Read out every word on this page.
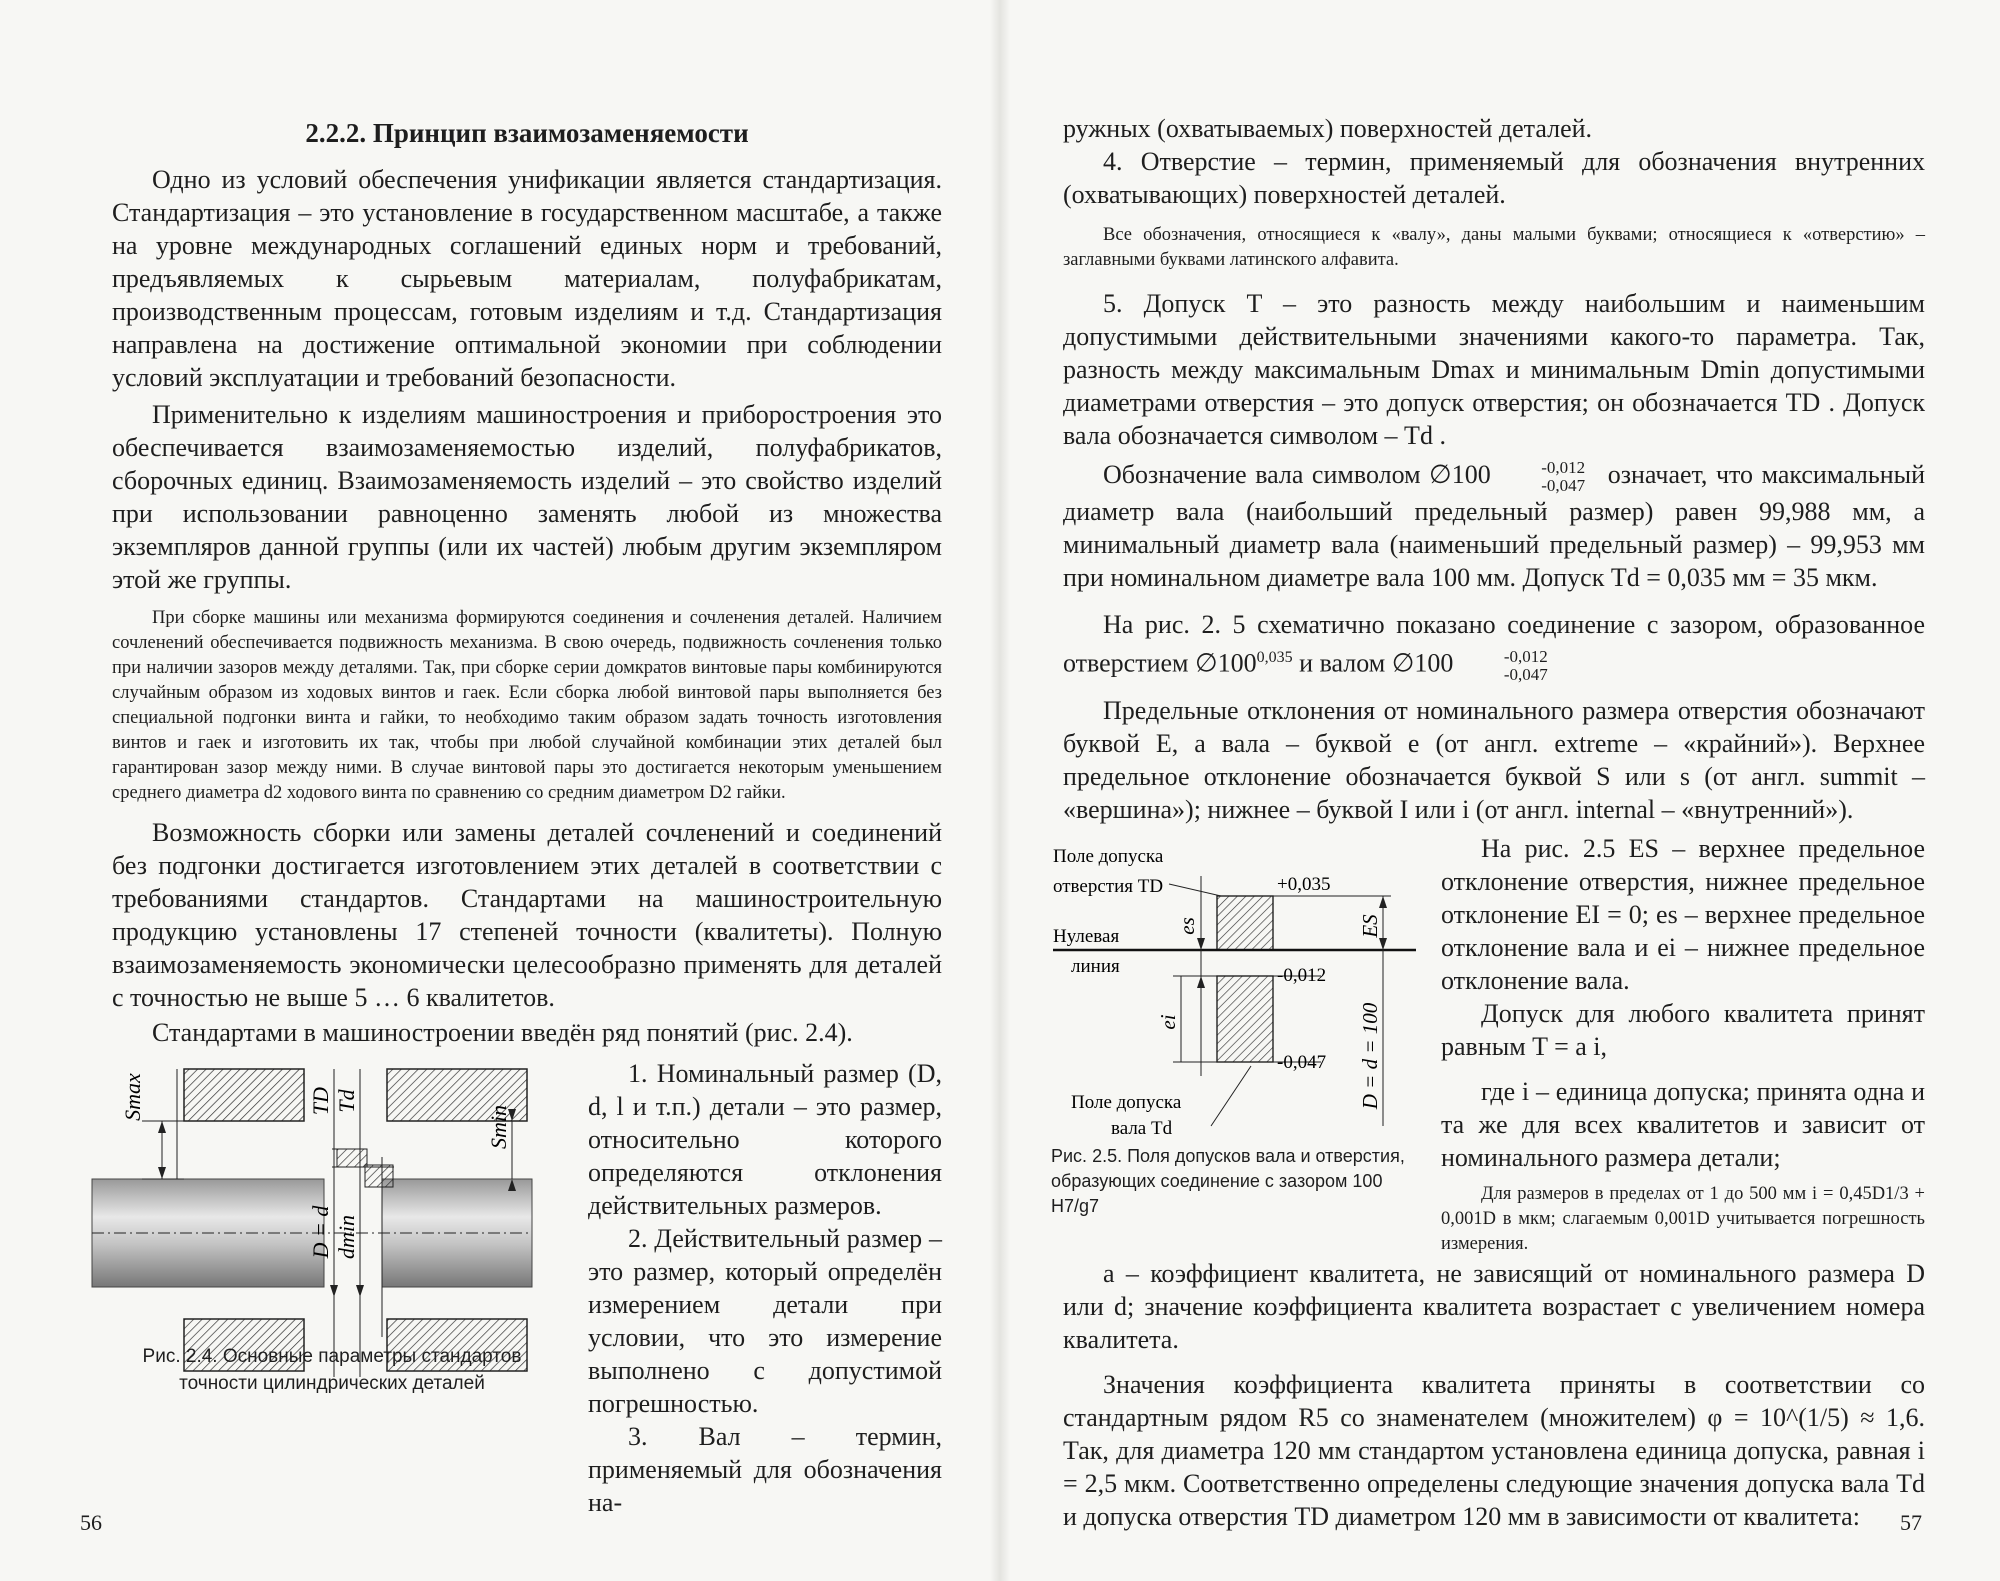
2.2.2. Принцип взаимозаменяемости

Одно из условий обеспечения унификации является стандартизация. Стандартизация – это установление в государственном масштабе, а также на уровне международных соглашений единых норм и требований, предъявляемых к сырьевым материалам, полуфабрикатам, производственным процессам, готовым изделиям и т.д. Стандартизация направлена на достижение оптимальной экономии при соблюдении условий эксплуатации и требований безопасности.

Применительно к изделиям машиностроения и приборостроения это обеспечивается взаимозаменяемостью изделий, полуфабрикатов, сборочных единиц. Взаимозаменяемость изделий – это свойство изделий при использовании равноценно заменять любой из множества экземпляров данной группы (или их частей) любым другим экземпляром этой же группы.

При сборке машины или механизма формируются соединения и сочленения деталей. Наличием сочленений обеспечивается подвижность механизма. В свою очередь, подвижность сочленения только при наличии зазоров между деталями. Так, при сборке серии домкратов винтовые пары комбинируются случайным образом из ходовых винтов и гаек. Если сборка любой винтовой пары выполняется без специальной подгонки винта и гайки, то необходимо таким образом задать точность изготовления винтов и гаек и изготовить их так, чтобы при любой случайной комбинации этих деталей был гарантирован зазор между ними. В случае винтовой пары это достигается некоторым уменьшением среднего диаметра d2 ходового винта по сравнению со средним диаметром D2 гайки.

Возможность сборки или замены деталей сочленений и соединений без подгонки достигается изготовлением этих деталей в соответствии с требованиями стандартов. Стандартами на машиностроительную продукцию установлены 17 степеней точности (квалитеты). Полную взаимозаменяемость экономически целесообразно применять для деталей с точностью не выше 5 … 6 квалитетов.

Стандартами в машиностроении введён ряд понятий (рис. 2.4).

Smax	TD Td
Smin
D = d dmin

1. Номинальный размер (D, d, l и т.п.) детали – это размер, относительно которого определяются отклонения действительных размеров.

2. Действительный размер – это размер, который определён измерением детали при условии, что это измерение выполнено с допустимой погрешностью.

3. Вал – термин, применяемый для обозначения на-

Рис. 2.4. Основные параметры стандартов
точности цилиндрических деталей
56

ружных (охватываемых) поверхностей деталей.

4. Отверстие – термин, применяемый для обозначения внутренних (охватывающих) поверхностей деталей.

Все обозначения, относящиеся к «валу», даны малыми буквами; относящиеся к «отверстию» – заглавными буквами латинского алфавита.

5. Допуск T – это разность между наибольшим и наименьшим допустимыми действительными значениями какого-то параметра. Так, разность между максимальным Dmax и минимальным Dmin допустимыми диаметрами отверстия – это допуск отверстия; он обозначается TD . Допуск вала обозначается символом – Td .

Обозначение вала символом ∅100	-0,012
-0,047 означает, что максимальный диаметр вала (наибольший предельный размер) равен 99,988 мм, а минимальный диаметр вала (наименьший предельный размер) – 99,953 мм при номинальном диаметре вала 100 мм. Допуск Td = 0,035 мм = 35 мкм.

На рис. 2. 5 схематично показано соединение с зазором, образованное отверстием ∅100$^{0,035}$ и валом ∅100	-0,012
-0,047

Предельные отклонения от номинального размера отверстия обозначают буквой E, а вала – буквой e (от англ. extreme – «крайний»). Верхнее предельное отклонение обозначается буквой S или s (от англ. summit – «вершина»); нижнее – буквой I или i (от англ. internal – «внутренний»).

Поле допуска
отверстия TD	+0,035
es	ES
Нулевая
линия
ei
-0,012
-0,047 D = d = 100
Поле допуска
вала Td
Рис. 2.5. Поля допусков вала и отверстия, образующих соединение с зазором 100 H7/g7

На рис. 2.5 ES – верхнее предельное отклонение отверстия, нижнее предельное отклонение EI = 0; es – верхнее предельное отклонение вала и ei – нижнее предельное отклонение вала.

Допуск для любого квалитета принят равным T = a i,

где i – единица допуска; принята одна и та же для всех квалитетов и зависит от номинального размера детали;

Для размеров в пределах от 1 до 500 мм i = 0,45D1/3 + 0,001D в мкм; слагаемым 0,001D учитывается погрешность измерения.

a – коэффициент квалитета, не зависящий от номинального размера D или d; значение коэффициента квалитета возрастает с увеличением номера квалитета.

Значения коэффициента квалитета приняты в соответствии со стандартным рядом R5 со знаменателем (множителем) φ = 10^(1/5) ≈ 1,6. Так, для диаметра 120 мм стандартом установлена единица допуска, равная i = 2,5 мкм. Соответственно определены следующие значения допуска вала Td и допуска отверстия TD диаметром 120 мм в зависимости от квалитета:	57
